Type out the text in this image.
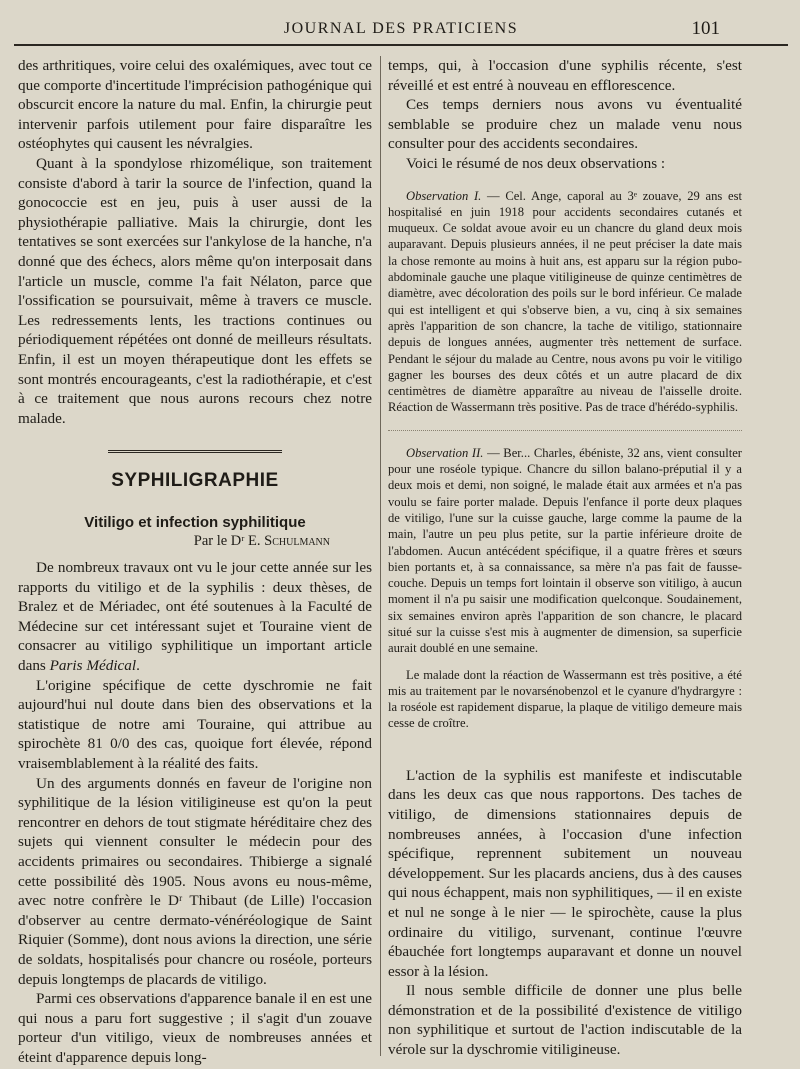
JOURNAL DES PRATICIENS	101

des arthritiques, voire celui des oxalémiques, avec tout ce que comporte d'incertitude l'imprécision pathogénique qui obscurcit encore la nature du mal. Enfin, la chirurgie peut intervenir parfois utilement pour faire disparaître les ostéophytes qui causent les névralgies.

Quant à la spondylose rhizomélique, son traitement consiste d'abord à tarir la source de l'infection, quand la gonococcie est en jeu, puis à user aussi de la physiothérapie palliative. Mais la chirurgie, dont les tentatives se sont exercées sur l'ankylose de la hanche, n'a donné que des échecs, alors même qu'on interposait dans l'article un muscle, comme l'a fait Nélaton, parce que l'ossification se poursuivait, même à travers ce muscle. Les redressements lents, les tractions continues ou périodiquement répétées ont donné de meilleurs résultats. Enfin, il est un moyen thérapeutique dont les effets se sont montrés encourageants, c'est la radiothérapie, et c'est à ce traitement que nous aurons recours chez notre malade.

SYPHILIGRAPHIE

Vitiligo et infection syphilitique

Par le Dʳ E. Schulmann

De nombreux travaux ont vu le jour cette année sur les rapports du vitiligo et de la syphilis : deux thèses, de Bralez et de Mériadec, ont été soutenues à la Faculté de Médecine sur cet intéressant sujet et Touraine vient de consacrer au vitiligo syphilitique un important article dans Paris Médical.

L'origine spécifique de cette dyschromie ne fait aujourd'hui nul doute dans bien des observations et la statistique de notre ami Touraine, qui attribue au spirochète 81 0/0 des cas, quoique fort élevée, répond vraisemblablement à la réalité des faits.

Un des arguments donnés en faveur de l'origine non syphilitique de la lésion vitiligineuse est qu'on la peut rencontrer en dehors de tout stigmate héréditaire chez des sujets qui viennent consulter le médecin pour des accidents primaires ou secondaires. Thibierge a signalé cette possibilité dès 1905. Nous avons eu nous-même, avec notre confrère le Dʳ Thibaut (de Lille) l'occasion d'observer au centre dermato-vénéréologique de Saint Riquier (Somme), dont nous avions la direction, une série de soldats, hospitalisés pour chancre ou roséole, porteurs depuis longtemps de placards de vitiligo.

Parmi ces observations d'apparence banale il en est une qui nous a paru fort suggestive ; il s'agit d'un zouave porteur d'un vitiligo, vieux de nombreuses années et éteint d'apparence depuis long-

temps, qui, à l'occasion d'une syphilis récente, s'est réveillé et est entré à nouveau en efflorescence.

Ces temps derniers nous avons vu éventualité semblable se produire chez un malade venu nous consulter pour des accidents secondaires.

Voici le résumé de nos deux observations :

Observation I. — Cel. Ange, caporal au 3ᵉ zouave, 29 ans est hospitalisé en juin 1918 pour accidents secondaires cutanés et muqueux. Ce soldat avoue avoir eu un chancre du gland deux mois auparavant. Depuis plusieurs années, il ne peut préciser la date mais la chose remonte au moins à huit ans, est apparu sur la région pubo-abdominale gauche une plaque vitiligineuse de quinze centimètres de diamètre, avec décoloration des poils sur le bord inférieur. Ce malade qui est intelligent et qui s'observe bien, a vu, cinq à six semaines après l'apparition de son chancre, la tache de vitiligo, stationnaire depuis de longues années, augmenter très nettement de surface. Pendant le séjour du malade au Centre, nous avons pu voir le vitiligo gagner les bourses des deux côtés et un autre placard de dix centimètres de diamètre apparaître au niveau de l'aisselle droite. Réaction de Wassermann très positive. Pas de trace d'hérédo-syphilis.

Observation II. — Ber... Charles, ébéniste, 32 ans, vient consulter pour une roséole typique. Chancre du sillon balano-préputial il y a deux mois et demi, non soigné, le malade était aux armées et n'a pas voulu se faire porter malade. Depuis l'enfance il porte deux plaques de vitiligo, l'une sur la cuisse gauche, large comme la paume de la main, l'autre un peu plus petite, sur la partie inférieure droite de l'abdomen. Aucun antécédent spécifique, il a quatre frères et sœurs bien portants et, à sa connaissance, sa mère n'a pas fait de fausse-couche. Depuis un temps fort lointain il observe son vitiligo, à aucun moment il n'a pu saisir une modification quelconque. Soudainement, six semaines environ après l'apparition de son chancre, le placard situé sur la cuisse s'est mis à augmenter de dimension, sa superficie aurait doublé en une semaine.

Le malade dont la réaction de Wassermann est très positive, a été mis au traitement par le novarsénobenzol et le cyanure d'hydrargyre : la roséole est rapidement disparue, la plaque de vitiligo demeure mais cesse de croître.

L'action de la syphilis est manifeste et indiscutable dans les deux cas que nous rapportons. Des taches de vitiligo, de dimensions stationnaires depuis de nombreuses années, à l'occasion d'une infection spécifique, reprennent subitement un nouveau développement. Sur les placards anciens, dus à des causes qui nous échappent, mais non syphilitiques, — il en existe et nul ne songe à le nier — le spirochète, cause la plus ordinaire du vitiligo, survenant, continue l'œuvre ébauchée fort longtemps auparavant et donne un nouvel essor à la lésion.

Il nous semble difficile de donner une plus belle démonstration et de la possibilité d'existence de vitiligo non syphilitique et surtout de l'action indiscutable de la vérole sur la dyschromie vitiligineuse.
